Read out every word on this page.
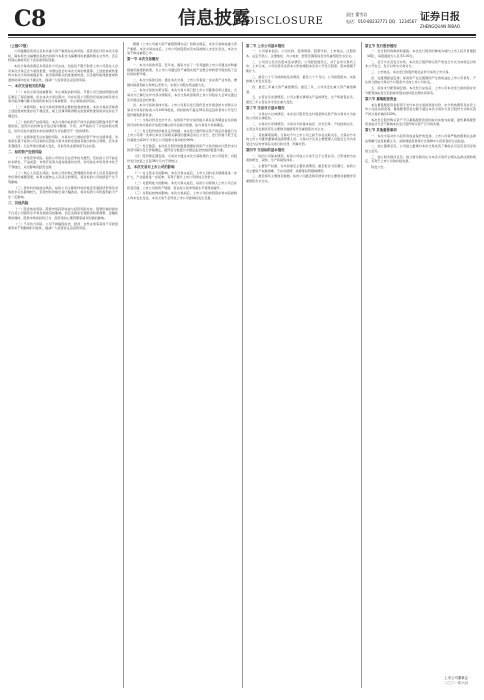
C8	信息披露
DISCLOSURE
责任 董雪岩
电话：010-80232771 QQ：1234567 证券日报
ZHENGQUAN RIBAO

（上接C7版）

公司提醒投资者注意本次重大资产重组存在的风险，投资者在评价本次交易时，除本报告书摘要的其他内容和与本报告书摘要同时披露的相关文件外，还应特别认真地考虑下述各项风险因素。

本次交易尚需满足多项条件方可完成，包括但不限于取得上市公司股东大会对本次交易正式方案的批准、中国证监会对本次交易的核准等。上述批准或核准均为本次交易的前提条件，能否取得相关的批准或核准，以及最终取得批准或核准的时间均存在不确定性，提请广大投资者注意投资风险。

一、本次交易相关的风险

（一）本次交易可能被暂停、中止或取消的风险。尽管公司已经按照相关规定制定了保密措施，但在本次交易过程中，仍存在因公司股价异常波动或异常交易可能涉嫌内幕交易而致使本次交易被暂停、中止或取消的可能。

（二）审批风险。本次交易尚需取得必要的批准或核准，本次交易能否取得上述批准或核准存在不确定性，就上述事项取得相关批准或核准的时间也存在不确定性。

（三）标的资产估值风险。本次交易的标的资产的评估值较其账面净资产增值较高，虽然评估机构在评估过程中勤勉、尽责，并严格执行了评估的相关规定，但仍可能出现因未来实际情况与评估假设不一致的情形。

（四）业绩承诺无法实现的风险。交易对方已就标的资产作出业绩承诺，该承诺系基于标的公司目前的运营能力和未来的发展前景做出的综合判断，若未来宏观经济、行业环境出现重大变化，可能导致业绩承诺无法实现。

二、标的资产经营风险

（一）市场竞争风险。标的公司所处行业竞争较为激烈，若标的公司不能在技术研发、产品质量、市场开拓等方面持续保持优势，则可能在市场竞争中处于不利地位，从而影响其经营业绩。

（二）核心人员流失风险。标的公司的核心管理团队和技术人员是其保持竞争优势的重要因素，如果出现核心人员流失的情况，将对标的公司的经营产生不利影响。

（三）原材料价格波动风险。标的公司主要原材料价格受宏观经济形势及市场供求关系影响较大，若原材料价格出现大幅波动，将对标的公司的盈利能力产生一定影响。

三、其他风险

（一）股价波动风险。股票市场投资收益与投资风险并存。股票价格的波动不仅受公司盈利水平和发展前景的影响，而且受国家宏观经济政策调整、金融政策的调控、股票市场的投机行为、投资者的心理预期等诸多因素的影响。

（二）不可抗力风险。公司不排除因政治、经济、自然灾害等其他不可控因素带来不利影响的可能性，提请广大投资者注意投资风险。

根据《上市公司重大资产重组管理办法》的相关规定，本次交易构成重大资产重组。本次交易完成后，上市公司控股股东及实际控制人未发生变化，本次交易不构成重组上市。

第一节 本次交易概况

一、本次交易的背景。近年来，国家出台了一系列鼓励上市公司通过并购重组做优做强的政策，为上市公司通过资产重组实现产业整合和转型升级创造了良好的政策环境。

二、本次交易的目的。通过本次交易，上市公司将进一步完善产业布局，增强持续盈利能力和核心竞争力，实现公司股东利益最大化。

三、本次交易的决策过程。本次交易方案已经上市公司董事会审议通过，交易对方已履行完毕内部决策程序，本次交易尚需取得上市公司股东大会审议通过及中国证监会的核准。

四、本次交易的具体方案。上市公司拟以发行股份及支付现金的方式购买交易对方持有的标的公司100%股权，同时拟向不超过35名特定投资者非公开发行股份募集配套资金。

（一）交易对价及支付方式。标的资产的交易价格以具有证券期货业务资格的评估机构出具的评估报告确认的评估值为依据，由交易各方协商确定。

（二）发行股份的价格及定价依据。本次发行股份购买资产的定价基准日为上市公司第一次审议本次交易相关事项的董事会决议公告日，发行价格不低于定价基准日前20个交易日公司股票交易均价的90%。

（三）发行数量。本次发行股份的数量根据标的资产交易价格中以股份支付的部分除以发行价格确定，最终发行数量以中国证监会核准的数量为准。

（四）股份锁定期安排。交易对方通过本次交易取得的上市公司股份，自股份发行结束之日起36个月内不得转让。

五、本次交易对上市公司的影响

（一）对主营业务的影响。本次交易完成后，上市公司的业务规模将进一步扩大，产业链将进一步延伸，有利于提升上市公司的综合竞争力。

（二）对盈利能力的影响。本次交易完成后，标的公司将纳入上市公司合并报表范围，上市公司的资产规模、营业收入和净利润水平将得到提升。

（三）对股权结构的影响。本次交易前后，上市公司的控股股东和实际控制人均未发生变化，本次交易不会导致上市公司控制权发生变更。

第二节 上市公司基本情况

一、公司基本信息。公司名称、股票简称、股票代码、上市地点、注册资本、法定代表人、注册地址、办公地址、经营范围等信息详见重组报告书全文。

二、公司设立及历次股本变动情况。公司经批准设立，并于证券交易所上市。上市以来，公司历经多次资本公积转增股本及非公开发行股票，股本规模不断扩大。

三、最近六十个月控制权变动情况。最近六十个月内，公司控股股东、实际控制人未发生变化。

四、最近三年重大资产重组情况。最近三年，公司未发生重大资产重组事项。

五、主营业务发展情况。公司主要从事相关产品的研发、生产和销售业务，最近三年主营业务未发生重大变化。

第三节 交易对方基本情况

一、交易对方总体情况。本次发行股份及支付现金购买资产的交易对方为标的公司的全体股东。

二、交易对方详细情况。交易对方的基本信息、历史沿革、产权控制关系、主营业务发展状况及主要财务数据等详见重组报告书全文。

三、其他事项说明。交易对方与上市公司之间不存在关联关系，交易对方未向上市公司推荐董事或高级管理人员。交易对方及其主要管理人员最近五年内未受过与证券市场有关的行政处罚、刑事处罚。

第四节 交易标的基本情况

一、标的公司基本情况。标的公司成立以来专注于主营业务，已形成较为完善的研发、采购、生产和销售体系。

二、主要资产权属、对外担保及主要负债情况。截至报告书签署日，标的公司主要资产权属清晰，不存在抵押、质押等权利限制情形。

三、最近两年主要财务数据。标的公司最近两年经审计的主要财务数据详见重组报告书全文。

第五节 发行股份情况

一、发行股份的种类和面值。本次发行股份的种类为境内上市人民币普通股（A股），每股面值为人民币1.00元。

二、发行方式及发行对象。本次发行股份购买资产的发行方式为向特定对象非公开发行，发行对象为交易对方。

三、上市地点。本次发行的股份将在证券交易所上市交易。

四、过渡期损益安排。标的资产在过渡期间产生的收益由上市公司享有，产生的亏损由交易对方以现金方式向上市公司补足。

五、滚存未分配利润安排。本次发行完成后，上市公司本次发行前的滚存未分配利润由发行后的新老股东按持股比例共同享有。

第六节 募集配套资金

本次募集配套资金拟用于支付本次交易的现金对价、中介机构费用及补充上市公司流动资金等，募集配套资金总额不超过本次交易中以发行股份方式购买资产的交易价格的100%。

本次发行股份购买资产不以募集配套资金的成功实施为前提，最终募集配套资金成功与否不影响本次发行股份购买资产行为的实施。

第七节 其他重要事项

一、本次交易对中小投资者权益保护的安排。上市公司将严格按照相关法律法规履行信息披露义务，采取网络投票等方式保障中小投资者的合法权益。

二、独立董事意见。公司独立董事对本次交易发表了事前认可意见及同意的独立意见。

三、独立财务顾问意见。独立财务顾问认为本次交易符合相关法律法规的规定，有利于上市公司的持续发展。

特此公告。

上市公司董事会
二〇二一年六月
